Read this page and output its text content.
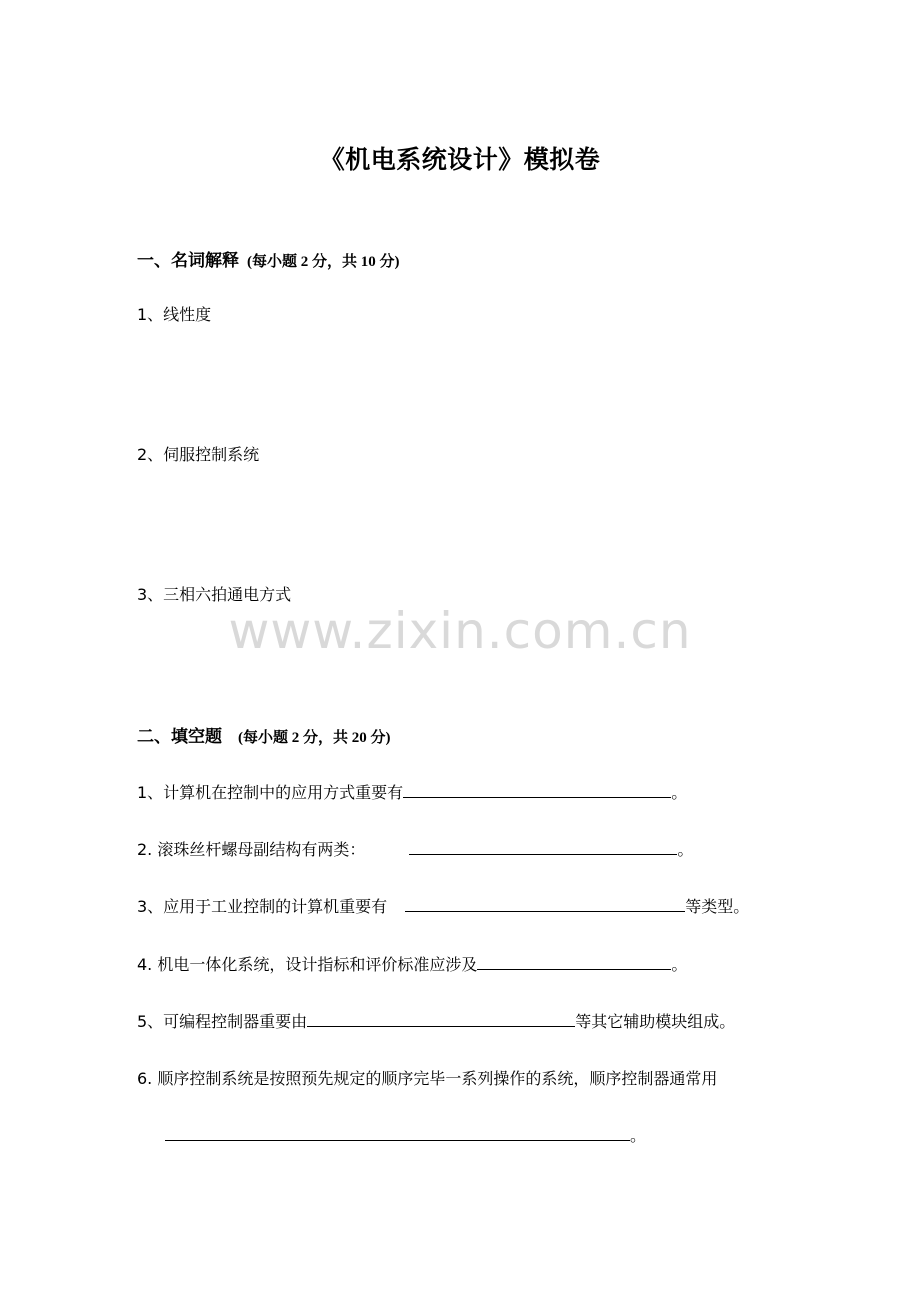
《机电系统设计》模拟卷
一、名词解释 (每小题 2 分，共 10 分)
1、线性度
2、伺服控制系统
3、三相六拍通电方式
www.zixin.com.cn
二、填空题 (每小题 2 分，共 20 分)
1、计算机在控制中的应用方式重要有	。
2. 滚珠丝杆螺母副结构有两类：	。
3、应用于工业控制的计算机重要有	等类型。
4. 机电一体化系统，设计指标和评价标准应涉及	。
5、可编程控制器重要由	等其它辅助模块组成。
6. 顺序控制系统是按照预先规定的顺序完毕一系列操作的系统，顺序控制器通常用
。
